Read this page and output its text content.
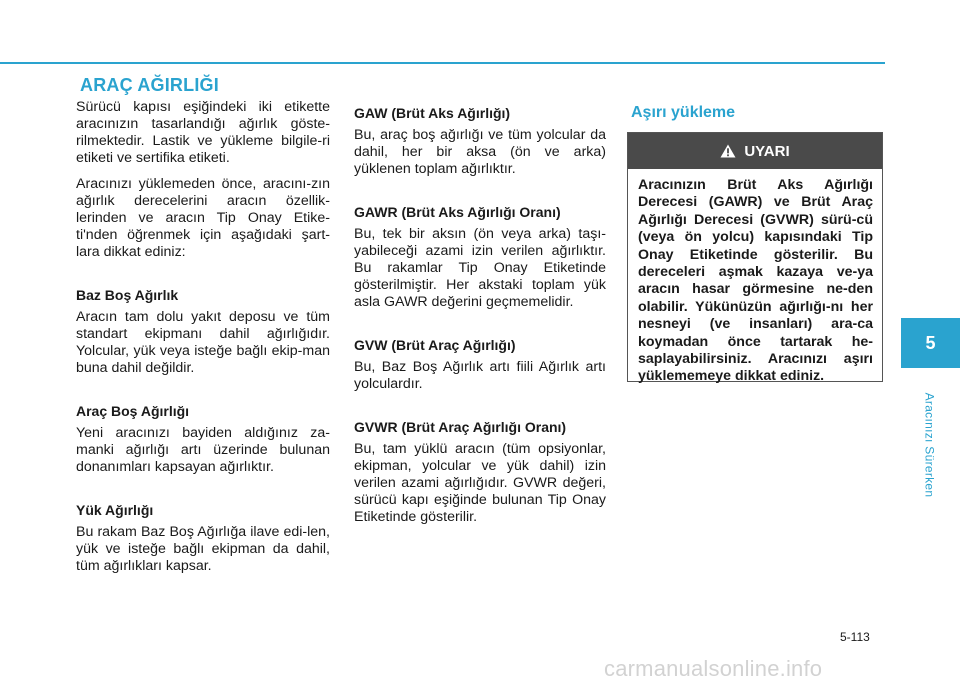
ARAÇ AĞIRLIĞI

Sürücü kapısı eşiğindeki iki etikette aracınızın tasarlandığı ağırlık göste-rilmektedir. Lastik ve yükleme bilgile-ri etiketi ve sertifika etiketi.

Aracınızı yüklemeden önce, aracını-zın ağırlık derecelerini aracın özellik-lerinden ve aracın Tip Onay Etike-ti'nden öğrenmek için aşağıdaki şart-lara dikkat ediniz:

Baz Boş Ağırlık

Aracın tam dolu yakıt deposu ve tüm standart ekipmanı dahil ağırlığıdır. Yolcular, yük veya isteğe bağlı ekip-man buna dahil değildir.

Araç Boş Ağırlığı

Yeni aracınızı bayiden aldığınız za-manki ağırlığı artı üzerinde bulunan donanımları kapsayan ağırlıktır.

Yük Ağırlığı

Bu rakam Baz Boş Ağırlığa ilave edi-len, yük ve isteğe bağlı ekipman da dahil, tüm ağırlıkları kapsar.

GAW (Brüt Aks Ağırlığı)

Bu, araç boş ağırlığı ve tüm yolcular da dahil, her bir aksa (ön ve arka) yüklenen toplam ağırlıktır.

GAWR (Brüt Aks Ağırlığı Oranı)

Bu, tek bir aksın (ön veya arka) taşı-yabileceği azami izin verilen ağırlıktır. Bu rakamlar Tip Onay Etiketinde gösterilmiştir. Her akstaki toplam yük asla GAWR değerini geçmemelidir.

GVW (Brüt Araç Ağırlığı)

Bu, Baz Boş Ağırlık artı fiili Ağırlık artı yolculardır.

GVWR (Brüt Araç Ağırlığı Oranı)

Bu, tam yüklü aracın (tüm opsiyonlar, ekipman, yolcular ve yük dahil) izin verilen azami ağırlığıdır. GVWR değeri, sürücü kapı eşiğinde bulunan Tip Onay Etiketinde gösterilir.

Aşırı yükleme
UYARI
Aracınızın Brüt Aks Ağırlığı Derecesi (GAWR) ve Brüt Araç Ağırlığı Derecesi (GVWR) sürü-cü (veya ön yolcu) kapısındaki Tip Onay Etiketinde gösterilir. Bu dereceleri aşmak kazaya ve-ya aracın hasar görmesine ne-den olabilir. Yükünüzün ağırlığı-nı her nesneyi (ve insanları) ara-ca koymadan önce tartarak he-saplayabilirsiniz. Aracınızı aşırı yüklememeye dikkat ediniz.
5
Aracınızı Sürerken
5-113
carmanualsonline.info
